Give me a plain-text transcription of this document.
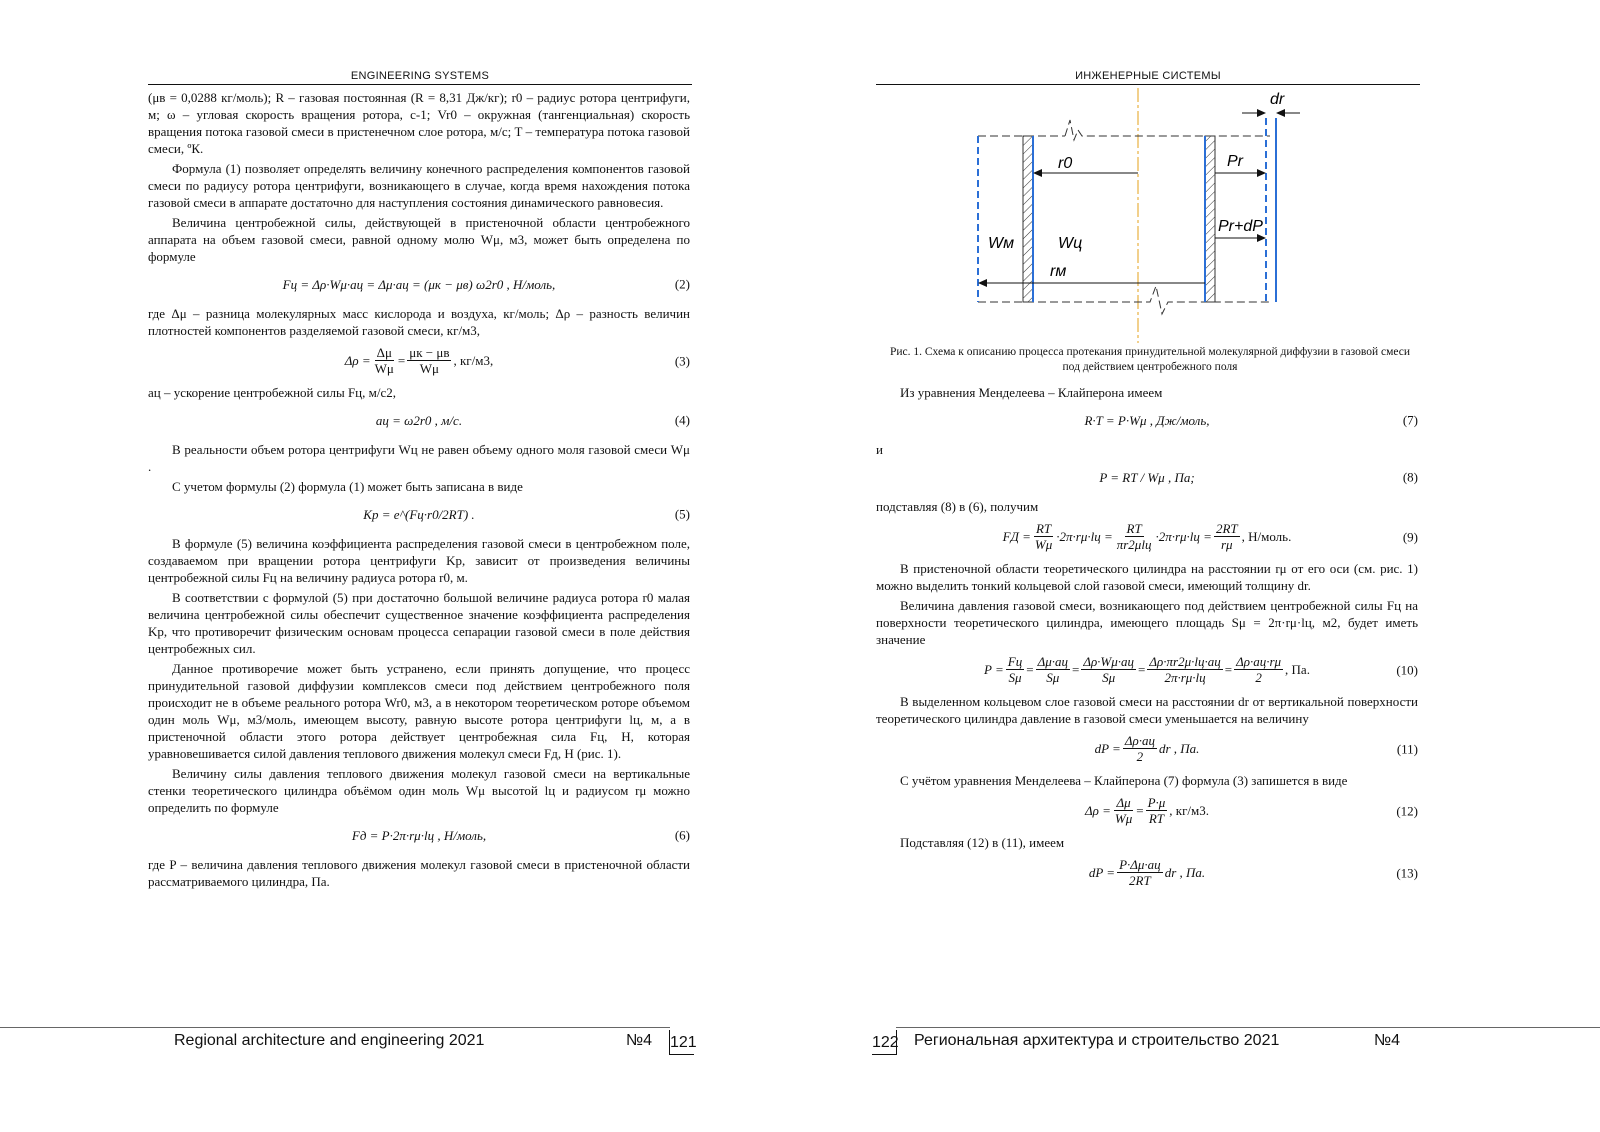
ENGINEERING SYSTEMS

(μв = 0,0288 кг/моль); R – газовая постоянная (R = 8,31 Дж/кг); r0 – радиус ротора центрифуги, м; ω – угловая скорость вращения ротора, с-1; Vr0 – окружная (тангенциальная) скорость вращения потока газовой смеси в пристенечном слое ротора, м/с; T – температура потока газовой смеси, ºК.

Формула (1) позволяет определять величину конечного распределения компонентов газовой смеси по радиусу ротора центрифуги, возникающего в случае, когда время нахождения потока газовой смеси в аппарате достаточно для наступления состояния динамического равновесия.

Величина центробежной силы, действующей в пристеночной области центробежного аппарата на объем газовой смеси, равной одному молю Wμ, м3, может быть определена по формуле

Fц = Δρ·Wμ·aц = Δμ·aц = (μк − μв) ω2r0 , Н/моль,	(2)

где Δμ – разница молекулярных масс кислорода и воздуха, кг/моль; Δρ – разность величин плотностей компонентов разделяемой газовой смеси, кг/м3,

$\Delta\rho = \frac{\Delta\mu}{W\mu} = \frac{\mu к - \mu в}{W\mu}$ , кг/м3,	(3)

aц – ускорение центробежной силы Fц, м/с2,

aц = ω2r0 , м/с.	(4)

В реальности объем ротора центрифуги Wц не равен объему одного моля газовой смеси Wμ .

С учетом формулы (2) формула (1) может быть записана в виде

Kр = e^(Fц·r0/2RT) .	(5)

В формуле (5) величина коэффициента распределения газовой смеси в центробежном поле, создаваемом при вращении ротора центрифуги Kр, зависит от произведения величины центробежной силы Fц на величину радиуса ротора r0, м.

В соответствии с формулой (5) при достаточно большой величине радиуса ротора r0 малая величина центробежной силы обеспечит существенное значение коэффициента распределения Kр, что противоречит физическим основам процесса сепарации газовой смеси в поле действия центробежных сил.

Данное противоречие может быть устранено, если принять допущение, что процесс принудительной газовой диффузии комплексов смеси под действием центробежного поля происходит не в объеме реального ротора Wr0, м3, а в некотором теоретическом роторе объемом один моль Wμ, м3/моль, имеющем высоту, равную высоте ротора центрифуги lц, м, а в пристеночной области этого ротора действует центробежная сила Fц, Н, которая уравновешивается силой давления теплового движения молекул смеси Fд, Н (рис. 1).

Величину силы давления теплового движения молекул газовой смеси на вертикальные стенки теоретического цилиндра объёмом один моль Wμ высотой lц и радиусом rμ можно определить по формуле

Fд = P·2π·rμ·lц , Н/моль,	(6)

где P – величина давления теплового движения молекул газовой смеси в пристеночной области рассматриваемого цилиндра, Па.

Regional architecture and engineering 2021	№4 121
ИНЖЕНЕРНЫЕ СИСТЕМЫ
dr
r0	Pr
Pr+dP
Wм	Wц
rм
Рис. 1. Схема к описанию процесса протекания принудительной молекулярной диффузии в газовой смеси под действием центробежного поля

Из уравнения Менделеева – Клайперона имеем

R·T = P·Wμ , Дж/моль,	(7)

и

P = RT / Wμ , Па;	(8)

подставляя (8) в (6), получим

FД = $\frac{RT}{W\mu} \cdot 2\pi\cdot r\mu\cdot lц = \frac{RT}{\text{πr2μlц}} \cdot 2\pi\cdot r\mu\cdot lц = \frac{2RT}{r\mu}$ , Н/моль.	(9)

В пристеночной области теоретического цилиндра на расстоянии rμ от его оси (см. рис. 1) можно выделить тонкий кольцевой слой газовой смеси, имеющий толщину dr.

Величина давления газовой смеси, возникающего под действием центробежной силы Fц на поверхности теоретического цилиндра, имеющего площадь Sμ = 2π·rμ·lц, м2, будет иметь значение

$P = \frac{Fц}{S\mu} = \frac{\Delta\mu\cdot aц}{S\mu} = \frac{\Delta\rho\cdot W\mu\cdot aц}{S\mu} = \frac{\Delta\rho\cdot\pi r2\mu\cdot lц\cdot aц}{2\pi\cdot r\mu\cdot lц} = \frac{\Delta\rho\cdot aц\cdot r\mu}{2}$ , Па.	(10)

В выделенном кольцевом слое газовой смеси на расстоянии dr от вертикальной поверхности теоретического цилиндра давление в газовой смеси уменьшается на величину

dP = $\frac{\Delta\rho\cdot aц}{2}$ dr , Па.	(11)

С учётом уравнения Менделеева – Клайперона (7) формула (3) запишется в виде

$\Delta\rho = \frac{\Delta\mu}{W\mu} = \frac{P\cdot\mu}{RT}$ , кг/м3.	(12)

Подставляя (12) в (11), имеем

dP = $\frac{P\cdot\Delta\mu\cdot aц}{2RT}$ dr , Па.	(13)
122 Региональная архитектура и строительство 2021	№4
